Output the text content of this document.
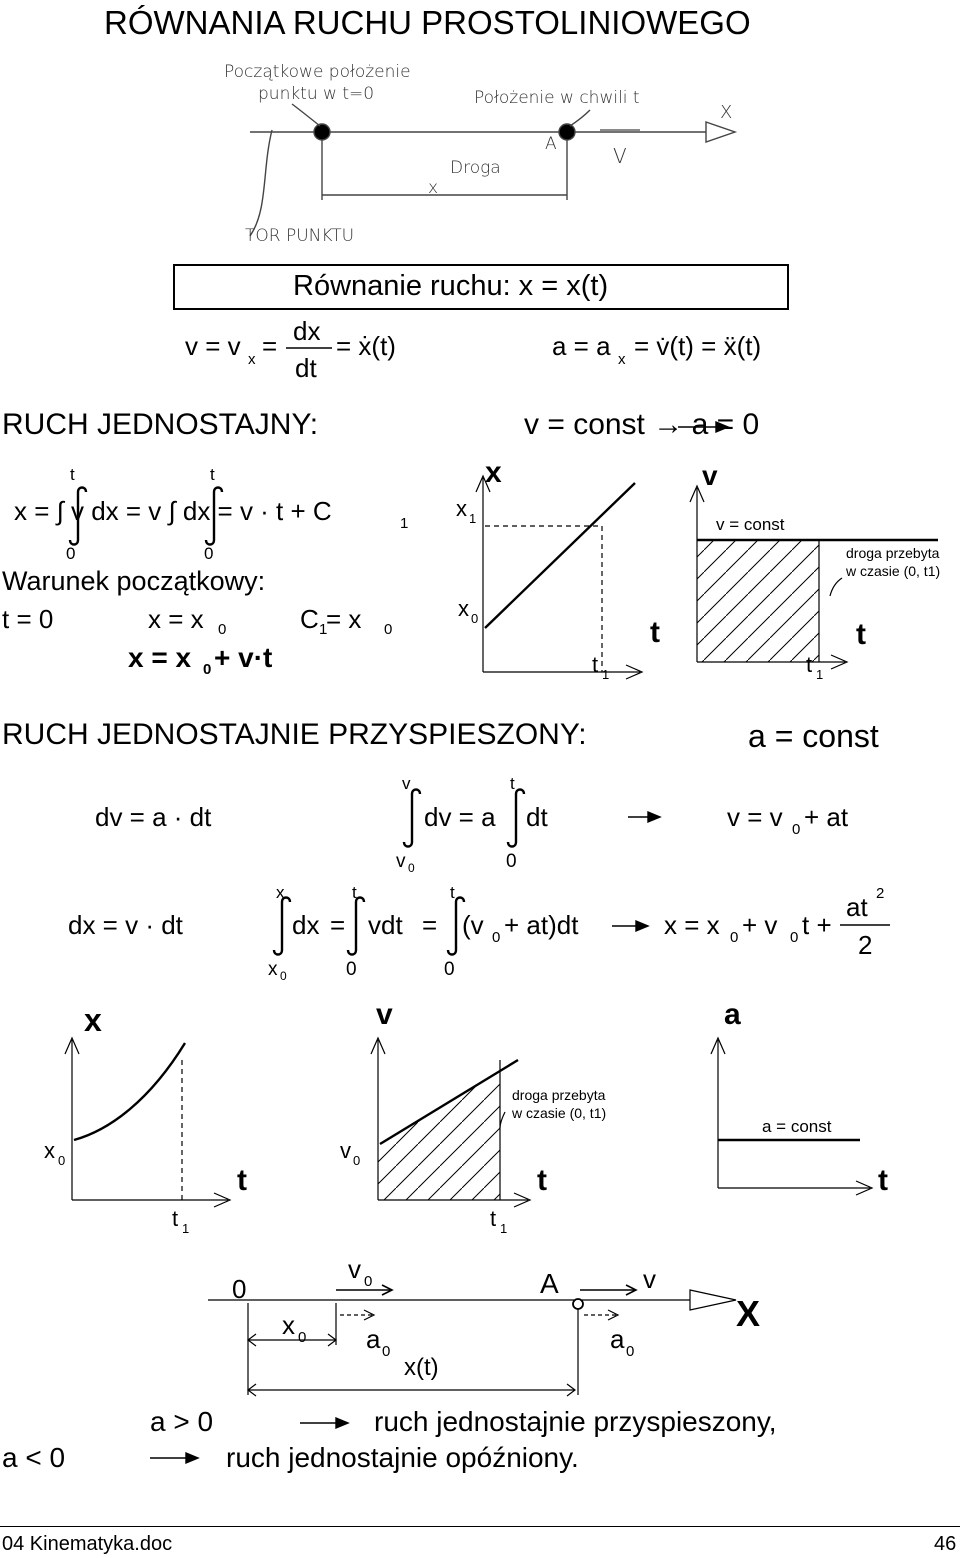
RÓWNANIA RUCHU PROSTOLINIOWEGO
Początkowe położenie
punktu w t=0	Położenie w chwili t
X
A	V
Droga
x
TOR PUNKTU
Równanie ruchu: x = x(t)
v = v x = dx
dt
= ẋ(t)	a = a x = v̇(t) = ẍ(t)
RUCH JEDNOSTAJNY:	v = const → a = 0
t	t
0	0
x = ∫ v dx = v ∫ dx = v · t + C	1
Warunek początkowy:
t = 0	x = x 0	C 1
= x 0
x = x 0 + v·t
x
t
x 1
x 0
t 1
v
t
v = const
droga przebyta
w czasie (0, t1)
t 1
RUCH JEDNOSTAJNIE PRZYSPIESZONY:	a = const
dv = a · dt
v	t
v 0	0
dv = a dt	v = v 0 + at
dx = v · dt
x	t	t
x 0	0	0
dx = vdt = (v 0 + at)dt	x = x 0 + v 0 t +
at 2
2
x
t
x 0
t 1
v
t
v 0
droga przebyta
w czasie (0, t1)
t 1
a
t
a = const
0
v 0
x 0 a 0
A	v
a 0
X
x(t)
a > 0	ruch jednostajnie przyspieszony,
a < 0	ruch jednostajnie opóźniony.
04 Kinematyka.doc	46
